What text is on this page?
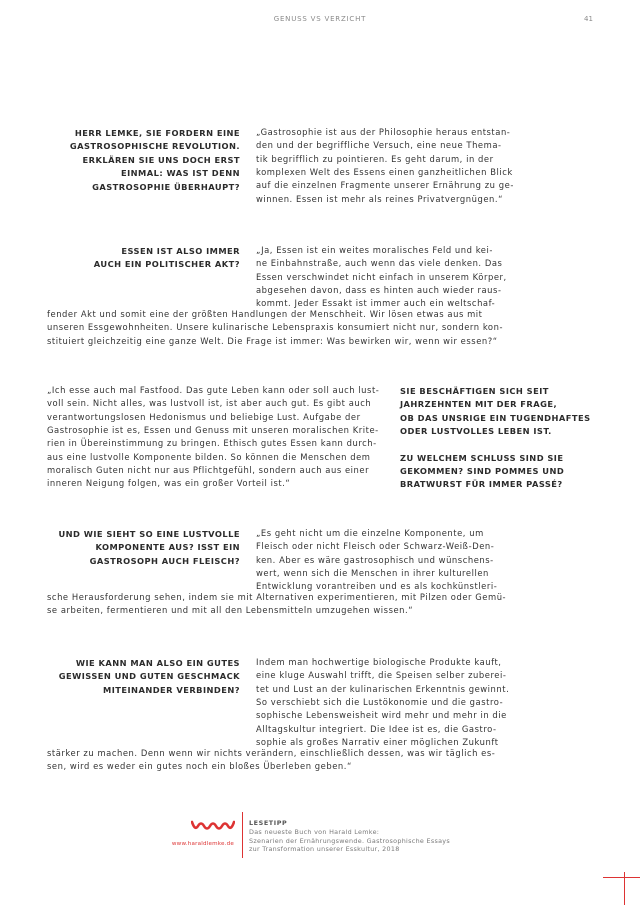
GENUSS VS VERZICHT	41
HERR LEMKE, SIE FORDERN EINE
GASTROSOPHISCHE REVOLUTION.
ERKLÄREN SIE UNS DOCH ERST
EINMAL: WAS IST DENN
GASTROSOPHIE ÜBERHAUPT?
„Gastrosophie ist aus der Philosophie heraus entstan-
den und der begriffliche Versuch, eine neue Thema-
tik begrifflich zu pointieren. Es geht darum, in der
komplexen Welt des Essens einen ganzheitlichen Blick
auf die einzelnen Fragmente unserer Ernährung zu ge-
winnen. Essen ist mehr als reines Privatvergnügen.“
ESSEN IST ALSO IMMER
AUCH EIN POLITISCHER AKT?
„Ja, Essen ist ein weites moralisches Feld und kei-
ne Einbahnstraße, auch wenn das viele denken. Das
Essen verschwindet nicht einfach in unserem Körper,
abgesehen davon, dass es hinten auch wieder raus-
kommt. Jeder Essakt ist immer auch ein weltschaf-
fender Akt und somit eine der größten Handlungen der Menschheit. Wir lösen etwas aus mit
unseren Essgewohnheiten. Unsere kulinarische Lebenspraxis konsumiert nicht nur, sondern kon-
stituiert gleichzeitig eine ganze Welt. Die Frage ist immer: Was bewirken wir, wenn wir essen?“
„Ich esse auch mal Fastfood. Das gute Leben kann oder soll auch lust-
voll sein. Nicht alles, was lustvoll ist, ist aber auch gut. Es gibt auch
verantwortungslosen Hedonismus und beliebige Lust. Aufgabe der
Gastrosophie ist es, Essen und Genuss mit unseren moralischen Krite-
rien in Übereinstimmung zu bringen. Ethisch gutes Essen kann durch-
aus eine lustvolle Komponente bilden. So können die Menschen dem
moralisch Guten nicht nur aus Pflichtgefühl, sondern auch aus einer
inneren Neigung folgen, was ein großer Vorteil ist.“
SIE BESCHÄFTIGEN SICH SEIT
JAHRZEHNTEN MIT DER FRAGE,
OB DAS UNSRIGE EIN TUGENDHAFTES
ODER LUSTVOLLES LEBEN IST.
ZU WELCHEM SCHLUSS SIND SIE
GEKOMMEN? SIND POMMES UND
BRATWURST FÜR IMMER PASSÉ?
UND WIE SIEHT SO EINE LUSTVOLLE
KOMPONENTE AUS? ISST EIN
GASTROSOPH AUCH FLEISCH?
„Es geht nicht um die einzelne Komponente, um
Fleisch oder nicht Fleisch oder Schwarz-Weiß-Den-
ken. Aber es wäre gastrosophisch und wünschens-
wert, wenn sich die Menschen in ihrer kulturellen
Entwicklung vorantreiben und es als kochkünstleri-
sche Herausforderung sehen, indem sie mit Alternativen experimentieren, mit Pilzen oder Gemü-
se arbeiten, fermentieren und mit all den Lebensmitteln umzugehen wissen.“
WIE KANN MAN ALSO EIN GUTES
GEWISSEN UND GUTEN GESCHMACK
MITEINANDER VERBINDEN?
Indem man hochwertige biologische Produkte kauft,
eine kluge Auswahl trifft, die Speisen selber zuberei-
tet und Lust an der kulinarischen Erkenntnis gewinnt.
So verschiebt sich die Lustökonomie und die gastro-
sophische Lebensweisheit wird mehr und mehr in die
Alltagskultur integriert. Die Idee ist es, die Gastro-
sophie als großes Narrativ einer möglichen Zukunft
stärker zu machen. Denn wenn wir nichts verändern, einschließlich dessen, was wir täglich es-
sen, wird es weder ein gutes noch ein bloßes Überleben geben.“
www.haraldlemke.de
LESETIPP
Das neueste Buch von Harald Lemke:
Szenarien der Ernährungswende. Gastrosophische Essays
zur Transformation unserer Esskultur, 2018
